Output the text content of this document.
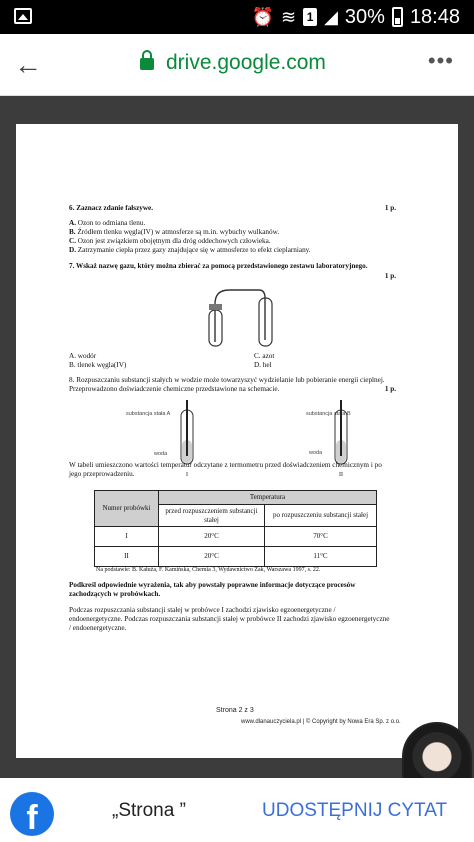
⏰ ≋ 1 ◢ 30% 18:48
←	drive.google.com	•••
6. Zaznacz zdanie fałszywe.	1 p.
A. Ozon to odmiana tlenu.
B. Źródłem tlenku węgla(IV) w atmosferze są m.in. wybuchy wulkanów.
C. Ozon jest związkiem obojętnym dla dróg oddechowych człowieka.
D. Zatrzymanie ciepła przez gazy znajdujące się w atmosferze to efekt cieplarniany.
7. Wskaż nazwę gazu, który można zbierać za pomocą przedstawionego zestawu laboratoryjnego.
1 p.
A. wodór
B. tlenek węgla(IV)
C. azot
D. hel
8. Rozpuszczaniu substancji stałych w wodzie może towarzyszyć wydzielanie lub pobieranie energii cieplnej.
Przeprowadzono doświadczenie chemiczne przedstawione na schemacie.	1 p.
substancja stała A
woda
I
substancja stała B
woda
II
W tabeli umieszczono wartości temperatur odczytane z termometru przed doświadczeniem chemicznym i po
jego przeprowadzeniu.
Numer probówki	Temperatura	
	przed rozpuszczeniem substancji stałej	po rozpuszczeniu substancji stałej
I	20°C	70°C
II	20°C	11°C
Na podstawie: B. Kałuża, F. Kamińska, Chemia 3, Wydawnictwo Żak, Warszawa 1997, s. 22.
Podkreśl odpowiednie wyrażenia, tak aby powstały poprawne informacje dotyczące procesów
zachodzących w probówkach.
Podczas rozpuszczania substancji stałej w probówce I zachodzi zjawisko egzoenergetyczne /
endoenergetyczne. Podczas rozpuszczania substancji stałej w probówce II zachodzi zjawisko egzoenergetyczne
/ endoenergetyczne.
Strona 2 z 3
www.dlanauczyciela.pl | © Copyright by Nowa Era Sp. z o.o.
f	„Strona ”	UDOSTĘPNIJ CYTAT
